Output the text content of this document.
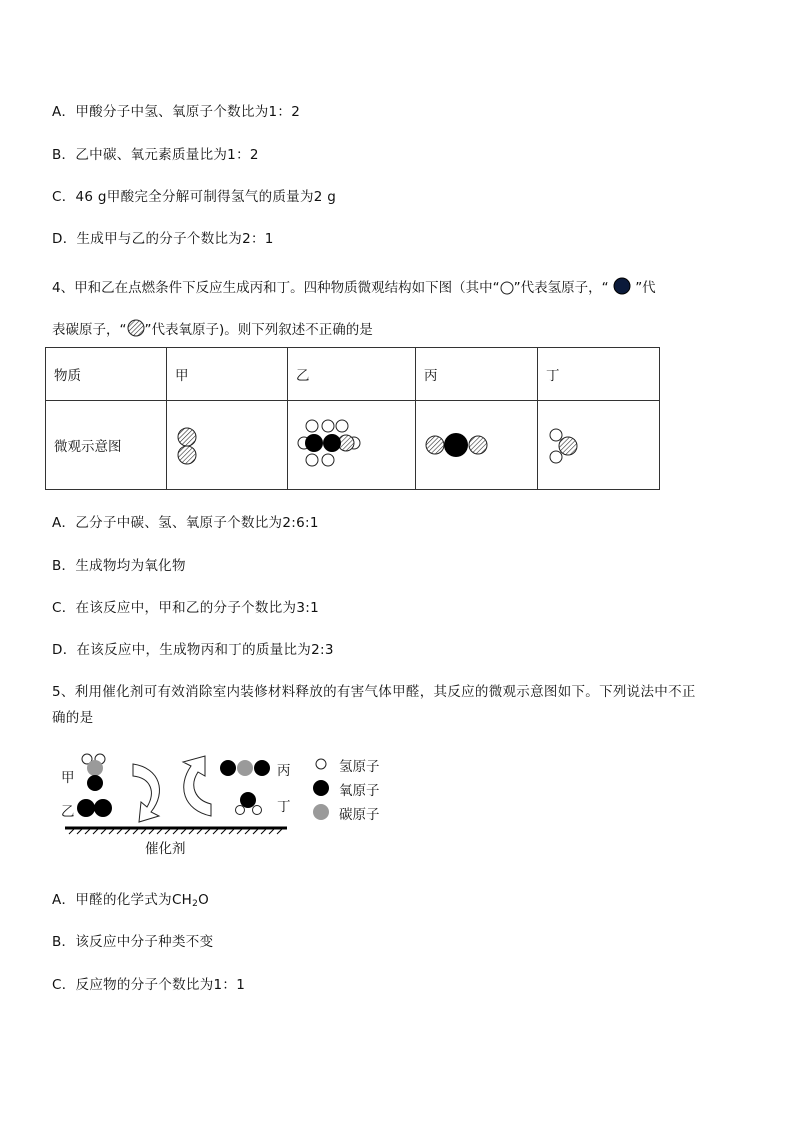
A．甲酸分子中氢、氧原子个数比为1：2
B．乙中碳、氧元素质量比为1：2
C．46 g甲酸完全分解可制得氢气的质量为2 g
D．生成甲与乙的分子个数比为2：1
4、甲和乙在点燃条件下反应生成丙和丁。四种物质微观结构如下图（其中“ ”代表氢原子，“ ”代
表碳原子，“ ”代表氧原子)。则下列叙述不正确的是
物质	甲	乙	丙	丁
微观示意图	

A．乙分子中碳、氢、氧原子个数比为2:6:1
B．生成物均为氧化物
C．在该反应中，甲和乙的分子个数比为3:1
D．在该反应中，生成物丙和丁的质量比为2:3
5、利用催化剂可有效消除室内装修材料释放的有害气体甲醛，其反应的微观示意图如下。下列说法中不正
确的是
甲
乙
丙
丁
催化剂
氢原子
氧原子
碳原子
A．甲醛的化学式为$CH_2O$
B．该反应中分子种类不变
C．反应物的分子个数比为1：1
